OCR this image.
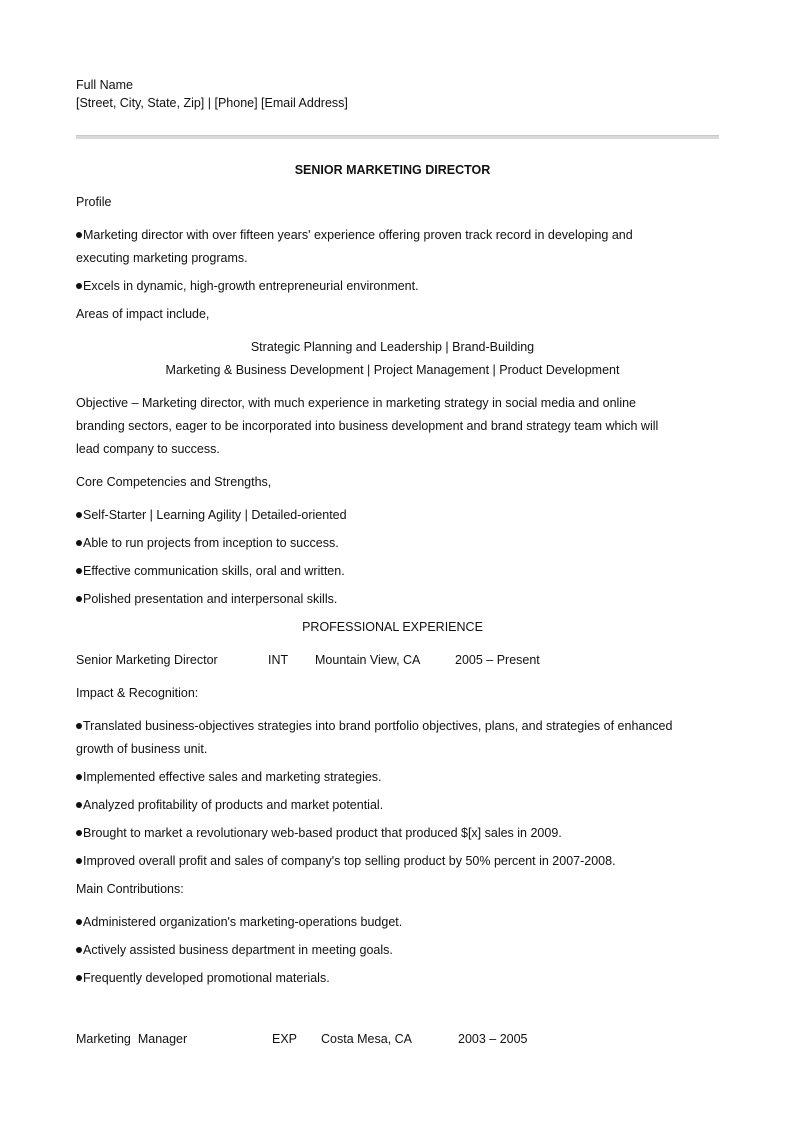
Full Name
[Street, City, State, Zip] | [Phone] [Email Address]
SENIOR MARKETING DIRECTOR
Profile
Marketing director with over fifteen years' experience offering proven track record in developing and
executing marketing programs.
Excels in dynamic, high-growth entrepreneurial environment.
Areas of impact include,
Strategic Planning and Leadership | Brand-Building
Marketing & Business Development | Project Management | Product Development
Objective – Marketing director, with much experience in marketing strategy in social media and online
branding sectors, eager to be incorporated into business development and brand strategy team which will
lead company to success.
Core Competencies and Strengths,
Self-Starter | Learning Agility | Detailed-oriented
Able to run projects from inception to success.
Effective communication skills, oral and written.
Polished presentation and interpersonal skills.
PROFESSIONAL EXPERIENCE
Senior Marketing Director	INT Mountain View, CA	2005 – Present
Impact & Recognition:
Translated business-objectives strategies into brand portfolio objectives, plans, and strategies of enhanced
growth of business unit.
Implemented effective sales and marketing strategies.
Analyzed profitability of products and market potential.
Brought to market a revolutionary web-based product that produced $[x] sales in 2009.
Improved overall profit and sales of company's top selling product by 50% percent in 2007-2008.
Main Contributions:
Administered organization's marketing-operations budget.
Actively assisted business department in meeting goals.
Frequently developed promotional materials.
Marketing  Manager	EXP Costa Mesa, CA	2003 – 2005
